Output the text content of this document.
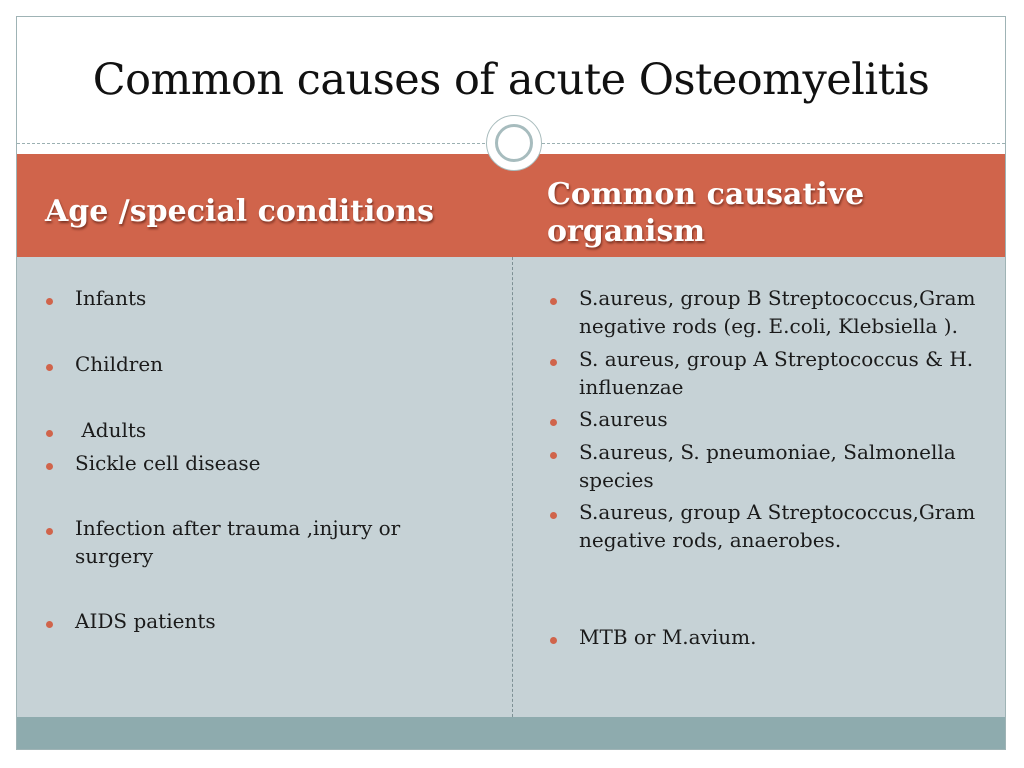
Common causes of acute Osteomyelitis
Age /special conditions	Common causative
organism
Infants
Children
Adults
Sickle cell disease
Infection after trauma ,injury or
surgery
AIDS patients
S.aureus, group B Streptococcus,Gram
negative rods (eg. E.coli, Klebsiella ).
S. aureus, group A Streptococcus & H.
influenzae
S.aureus
S.aureus, S. pneumoniae, Salmonella
species
S.aureus, group A Streptococcus,Gram
negative rods, anaerobes.
MTB or M.avium.
